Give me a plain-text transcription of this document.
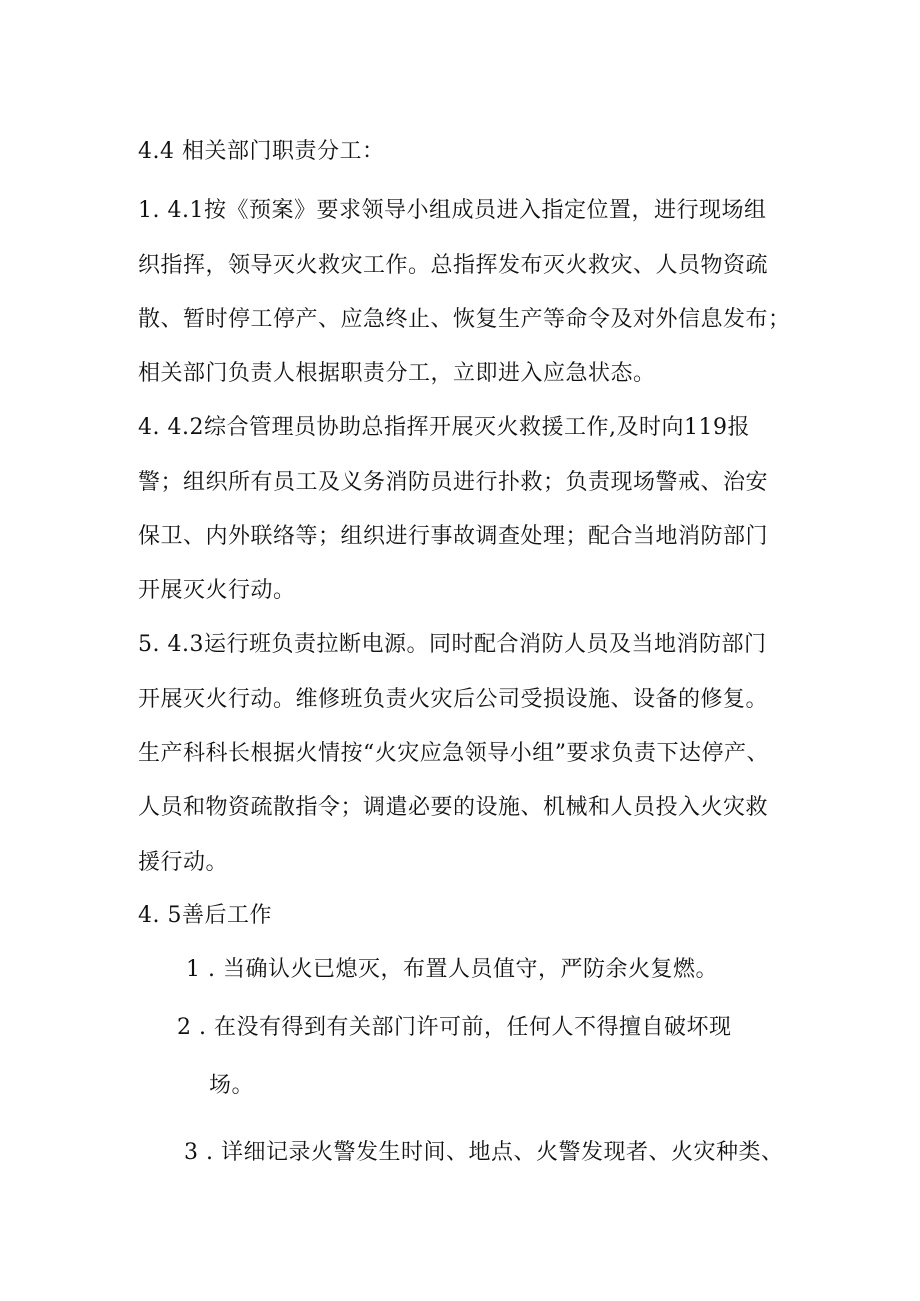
4.4 相关部门职责分工：
1. 4.1按《预案》要求领导小组成员进入指定位置，进行现场组
织指挥，领导灭火救灾工作。总指挥发布灭火救灾、人员物资疏
散、暂时停工停产、应急终止、恢复生产等命令及对外信息发布；
相关部门负责人根据职责分工，立即进入应急状态。
4. 4.2综合管理员协助总指挥开展灭火救援工作,及时向119报
警；组织所有员工及义务消防员进行扑救；负责现场警戒、治安
保卫、内外联络等；组织进行事故调查处理；配合当地消防部门
开展灭火行动。
5. 4.3运行班负责拉断电源。同时配合消防人员及当地消防部门
开展灭火行动。维修班负责火灾后公司受损设施、设备的修复。
生产科科长根据火情按“火灾应急领导小组”要求负责下达停产、
人员和物资疏散指令；调遣必要的设施、机械和人员投入火灾救
援行动。
4. 5善后工作
1 . 当确认火已熄灭，布置人员值守，严防余火复燃。
2 . 在没有得到有关部门许可前，任何人不得擅自破坏现
场。
3 . 详细记录火警发生时间、地点、火警发现者、火灾种类、
